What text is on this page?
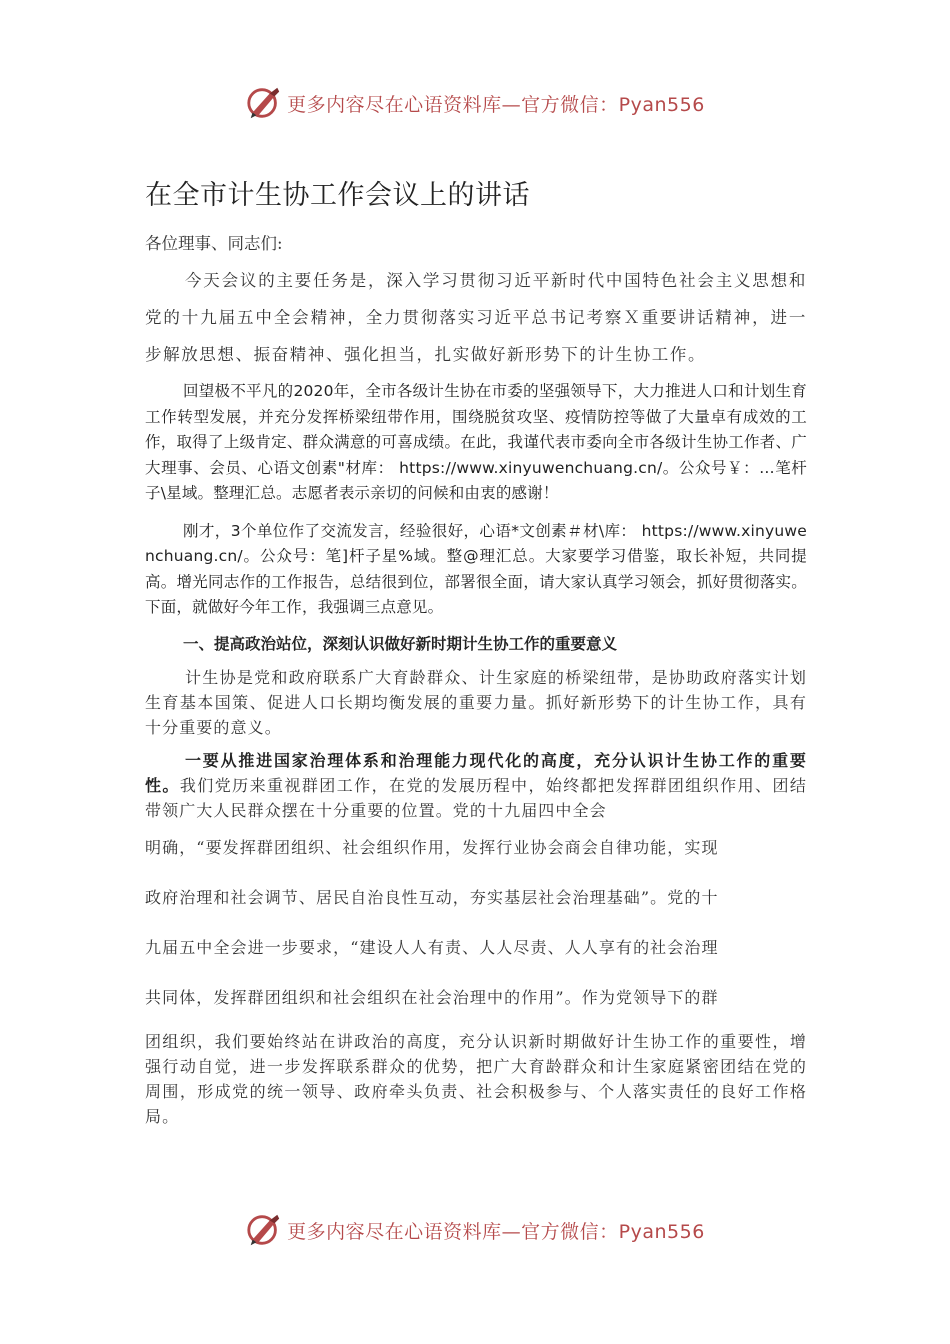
更多内容尽在心语资料库—官方微信：Pyan556
在全市计生协工作会议上的讲话

各位理事、同志们:

今天会议的主要任务是，深入学习贯彻习近平新时代中国特色社会主义思想和党的十九届五中全会精神，全力贯彻落实习近平总书记考察Ｘ重要讲话精神，进一步解放思想、振奋精神、强化担当，扎实做好新形势下的计生协工作。

回望极不平凡的2020年，全市各级计生协在市委的坚强领导下，大力推进人口和计划生育工作转型发展，并充分发挥桥梁纽带作用，围绕脱贫攻坚、疫情防控等做了大量卓有成效的工作，取得了上级肯定、群众满意的可喜成绩。在此，我谨代表市委向全市各级计生协工作者、广大理事、会员、心语文创素"材库： https://www.xinyuwenchuang.cn/。公众号￥：…笔杆子\星域。整理汇总。志愿者表示亲切的问候和由衷的感谢！

刚才，3个单位作了交流发言，经验很好，心语*文创素＃材\库： https://www.xinyuwenchuang.cn/。公众号：笔]杆子星%域。整@理汇总。大家要学习借鉴，取长补短，共同提高。增光同志作的工作报告，总结很到位，部署很全面，请大家认真学习领会，抓好贯彻落实。下面，就做好今年工作，我强调三点意见。

一、提高政治站位，深刻认识做好新时期计生协工作的重要意义

计生协是党和政府联系广大育龄群众、计生家庭的桥梁纽带，是协助政府落实计划生育基本国策、促进人口长期均衡发展的重要力量。抓好新形势下的计生协工作，具有十分重要的意义。

一要从推进国家治理体系和治理能力现代化的高度，充分认识计生协工作的重要性。我们党历来重视群团工作，在党的发展历程中，始终都把发挥群团组织作用、团结带领广大人民群众摆在十分重要的位置。党的十九届四中全会

明确，“要发挥群团组织、社会组织作用，发挥行业协会商会自律功能，实现

政府治理和社会调节、居民自治良性互动，夯实基层社会治理基础”。党的十

九届五中全会进一步要求，“建设人人有责、人人尽责、人人享有的社会治理

共同体，发挥群团组织和社会组织在社会治理中的作用”。作为党领导下的群

团组织，我们要始终站在讲政治的高度，充分认识新时期做好计生协工作的重要性，增强行动自觉，进一步发挥联系群众的优势，把广大育龄群众和计生家庭紧密团结在党的周围，形成党的统一领导、政府牵头负责、社会积极参与、个人落实责任的良好工作格局。

更多内容尽在心语资料库—官方微信：Pyan556
